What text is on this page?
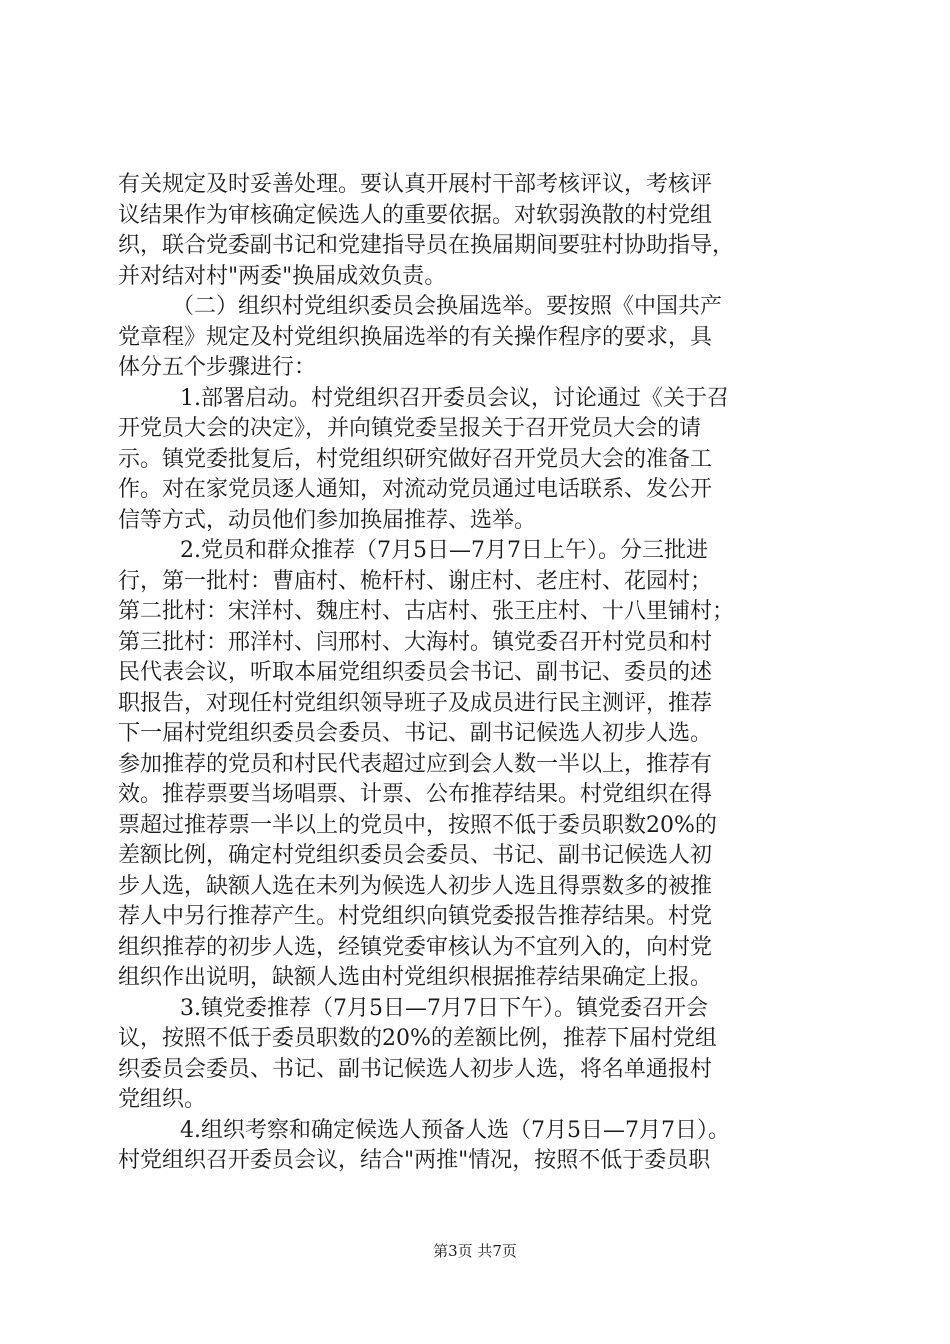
有关规定及时妥善处理。要认真开展村干部考核评议，考核评
议结果作为审核确定候选人的重要依据。对软弱涣散的村党组
织，联合党委副书记和党建指导员在换届期间要驻村协助指导，
并对结对村"两委"换届成效负责。
（二）组织村党组织委员会换届选举。要按照《中国共产
党章程》规定及村党组织换届选举的有关操作程序的要求，具
体分五个步骤进行：
1.部署启动。村党组织召开委员会议，讨论通过《关于召
开党员大会的决定》，并向镇党委呈报关于召开党员大会的请
示。镇党委批复后，村党组织研究做好召开党员大会的准备工
作。对在家党员逐人通知，对流动党员通过电话联系、发公开
信等方式，动员他们参加换届推荐、选举。
2.党员和群众推荐（7月5日—7月7日上午）。分三批进
行，第一批村：曹庙村、桅杆村、谢庄村、老庄村、花园村；
第二批村：宋洋村、魏庄村、古店村、张王庄村、十八里铺村；
第三批村：邢洋村、闫邢村、大海村。镇党委召开村党员和村
民代表会议，听取本届党组织委员会书记、副书记、委员的述
职报告，对现任村党组织领导班子及成员进行民主测评，推荐
下一届村党组织委员会委员、书记、副书记候选人初步人选。
参加推荐的党员和村民代表超过应到会人数一半以上，推荐有
效。推荐票要当场唱票、计票、公布推荐结果。村党组织在得
票超过推荐票一半以上的党员中，按照不低于委员职数20%的
差额比例，确定村党组织委员会委员、书记、副书记候选人初
步人选，缺额人选在未列为候选人初步人选且得票数多的被推
荐人中另行推荐产生。村党组织向镇党委报告推荐结果。村党
组织推荐的初步人选，经镇党委审核认为不宜列入的，向村党
组织作出说明，缺额人选由村党组织根据推荐结果确定上报。
3.镇党委推荐（7月5日—7月7日下午）。镇党委召开会
议，按照不低于委员职数的20%的差额比例，推荐下届村党组
织委员会委员、书记、副书记候选人初步人选，将名单通报村
党组织。
4.组织考察和确定候选人预备人选（7月5日—7月7日）。
村党组织召开委员会议，结合"两推"情况，按照不低于委员职
第3页 共7页
